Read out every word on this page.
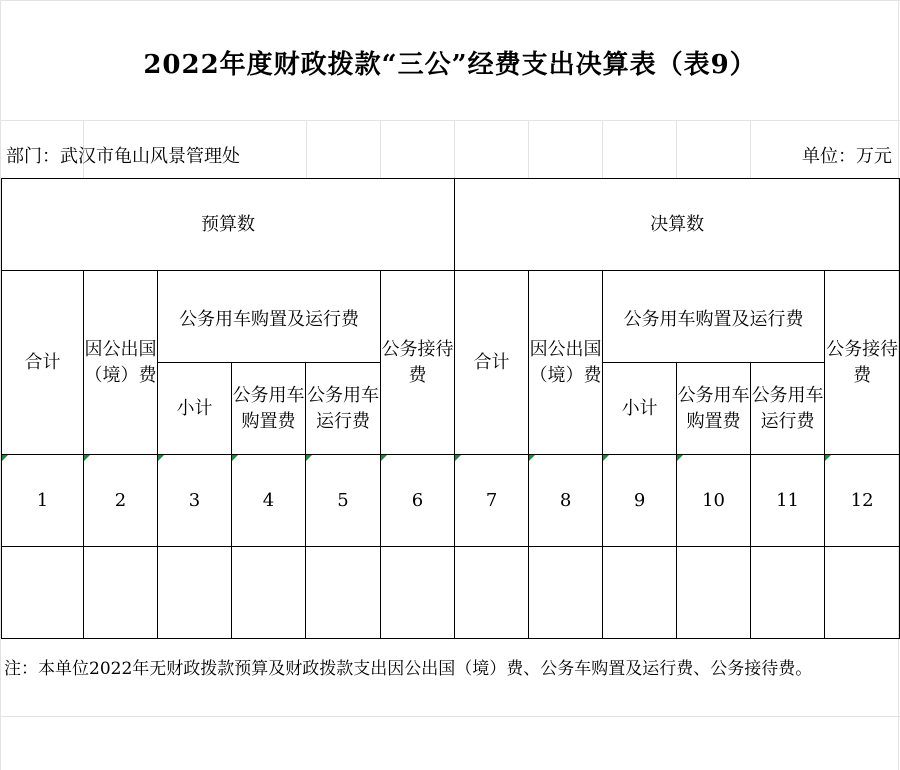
2022年度财政拨款“三公”经费支出决算表（表9）
部门：武汉市龟山风景管理处	单位：万元
预算数						决算数					
合计	因公出国（境）费	公务用车购置及运行费			公务接待费	合计	因公出国（境）费	公务用车购置及运行费			公务接待费
		小计	公务用车购置费	公务用车运行费				小计	公务用车购置费	公务用车运行费	

1	2	3	4	5	6	7	8	9	10	11	12

注：本单位2022年无财政拨款预算及财政拨款支出因公出国（境）费、公务车购置及运行费、公务接待费。
